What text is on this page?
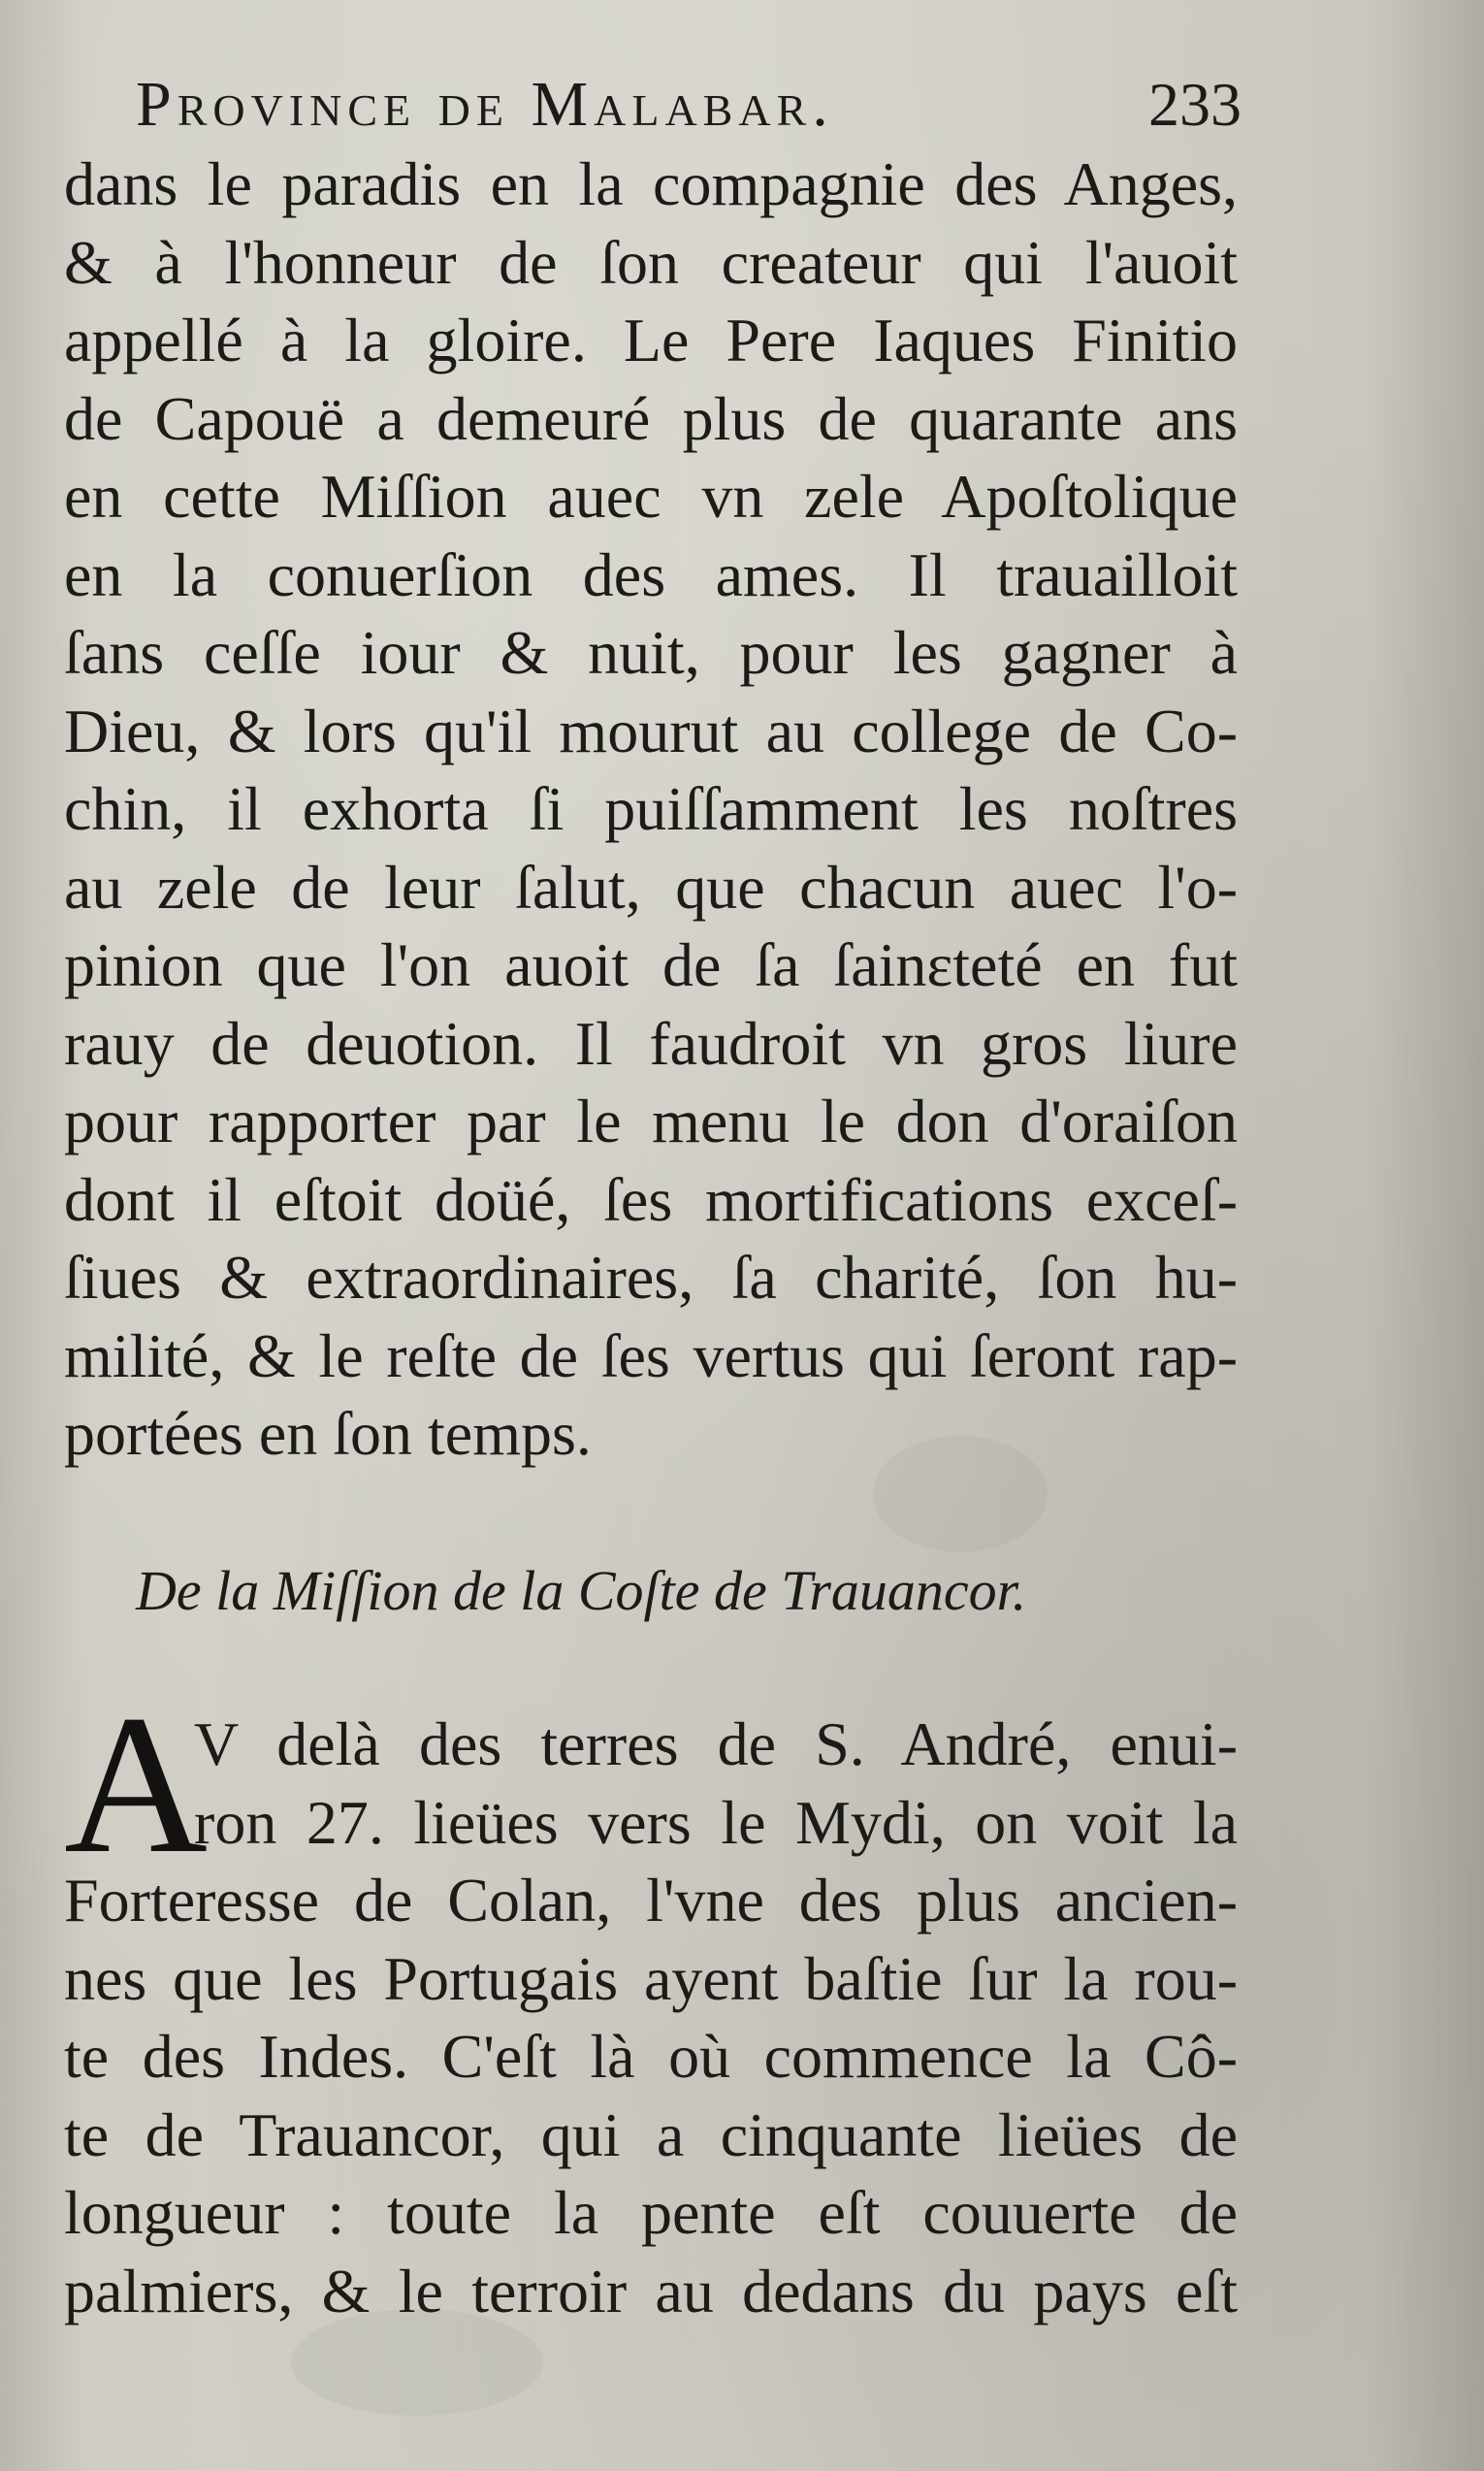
Province de Malabar.	233
dans le paradis en la compagnie des Anges,
& à l'honneur de ſon createur qui l'auoit
appellé à la gloire. Le Pere Iaques Finitio
de Capouë a demeuré plus de quarante ans
en cette Miſſion auec vn zele Apoſtolique
en la conuerſion des ames. Il trauailloit
ſans ceſſe iour & nuit, pour les gagner à
Dieu, & lors qu'il mourut au college de Co-
chin, il exhorta ſi puiſſamment les noſtres
au zele de leur ſalut, que chacun auec l'o-
pinion que l'on auoit de ſa ſainɛteté en fut
rauy de deuotion. Il faudroit vn gros liure
pour rapporter par le menu le don d'oraiſon
dont il eſtoit doüé, ſes mortifications exceſ-
ſiues & extraordinaires, ſa charité, ſon hu-
milité, & le reſte de ſes vertus qui ſeront rap-
portées en ſon temps.
De la Miſſion de la Coſte de Trauancor.
A
V delà des terres de S. André, enui-
ron 27. lieües vers le Mydi, on voit la
Forteresse de Colan, l'vne des plus ancien-
nes que les Portugais ayent baſtie ſur la rou-
te des Indes. C'eſt là où commence la Cô-
te de Trauancor, qui a cinquante lieües de
longueur : toute la pente eſt couuerte de
palmiers, & le terroir au dedans du pays eſt
